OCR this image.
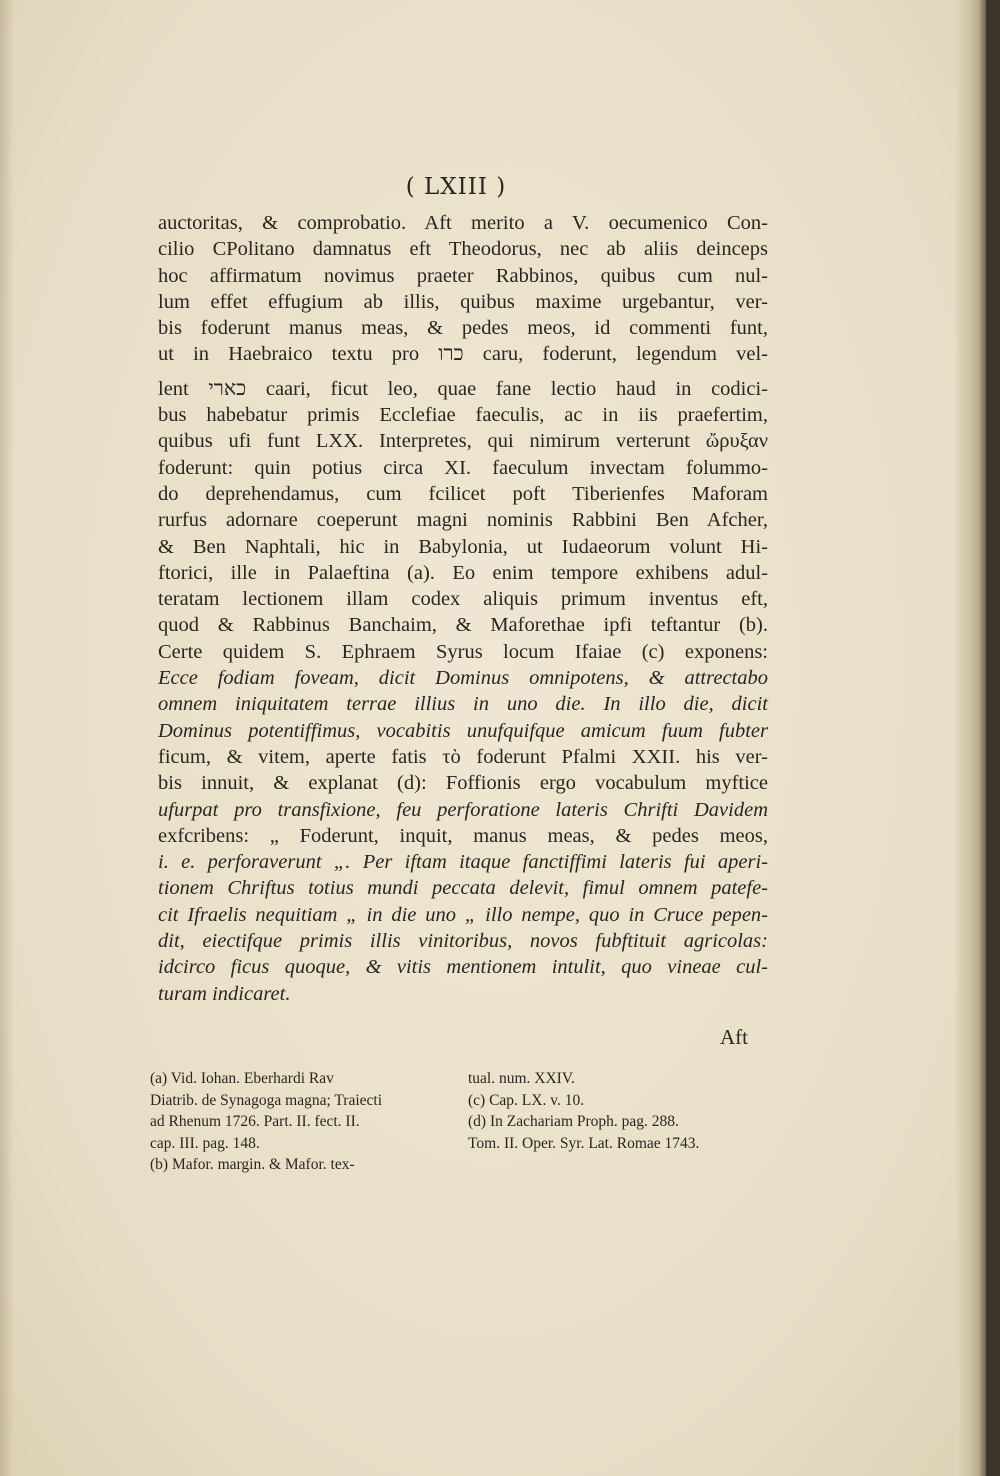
( LXIII )
auctoritas, & comprobatio. Aft merito a V. oecumenico Con-
cilio CPolitano damnatus eft Theodorus, nec ab aliis deinceps
hoc affirmatum novimus praeter Rabbinos, quibus cum nul-
lum effet effugium ab illis, quibus maxime urgebantur, ver-
bis foderunt manus meas, & pedes meos, id commenti funt,
ut in Haebraico textu pro כרו caru, foderunt, legendum vel-
lent כארי caari, ficut leo, quae fane lectio haud in codici-
bus habebatur primis Ecclefiae faeculis, ac in iis praefertim,
quibus ufi funt LXX. Interpretes, qui nimirum verterunt ὤρυξαν
foderunt: quin potius circa XI. faeculum invectam folummo-
do deprehendamus, cum fcilicet poft Tiberienfes Maforam
rurfus adornare coeperunt magni nominis Rabbini Ben Afcher,
& Ben Naphtali, hic in Babylonia, ut Iudaeorum volunt Hi-
ftorici, ille in Palaeftina (a). Eo enim tempore exhibens adul-
teratam lectionem illam codex aliquis primum inventus eft,
quod & Rabbinus Banchaim, & Maforethae ipfi teftantur (b).
Certe quidem S. Ephraem Syrus locum Ifaiae (c) exponens:
Ecce fodiam foveam, dicit Dominus omnipotens, & attrectabo
omnem iniquitatem terrae illius in uno die. In illo die, dicit
Dominus potentiffimus, vocabitis unufquifque amicum fuum fubter
ficum, & vitem, aperte fatis τὸ foderunt Pfalmi XXII. his ver-
bis innuit, & explanat (d): Foffionis ergo vocabulum myftice
ufurpat pro transfixione, feu perforatione lateris Chrifti Davidem
exfcribens: „ Foderunt, inquit, manus meas, & pedes meos,
i. e. perforaverunt „. Per iftam itaque fanctiffimi lateris fui aperi-
tionem Chriftus totius mundi peccata delevit, fimul omnem patefe-
cit Ifraelis nequitiam „ in die uno „ illo nempe, quo in Cruce pepen-
dit, eiectifque primis illis vinitoribus, novos fubftituit agricolas:
idcirco ficus quoque, & vitis mentionem intulit, quo vineae cul-
turam indicaret.
Aft
(a) Vid. Iohan. Eberhardi Rav
Diatrib. de Synagoga magna; Traiecti
ad Rhenum 1726. Part. II. fect. II.
cap. III. pag. 148.
(b) Mafor. margin. & Mafor. tex-
tual. num. XXIV.
(c) Cap. LX. v. 10.
(d) In Zachariam Proph. pag. 288.
Tom. II. Oper. Syr. Lat. Romae 1743.
